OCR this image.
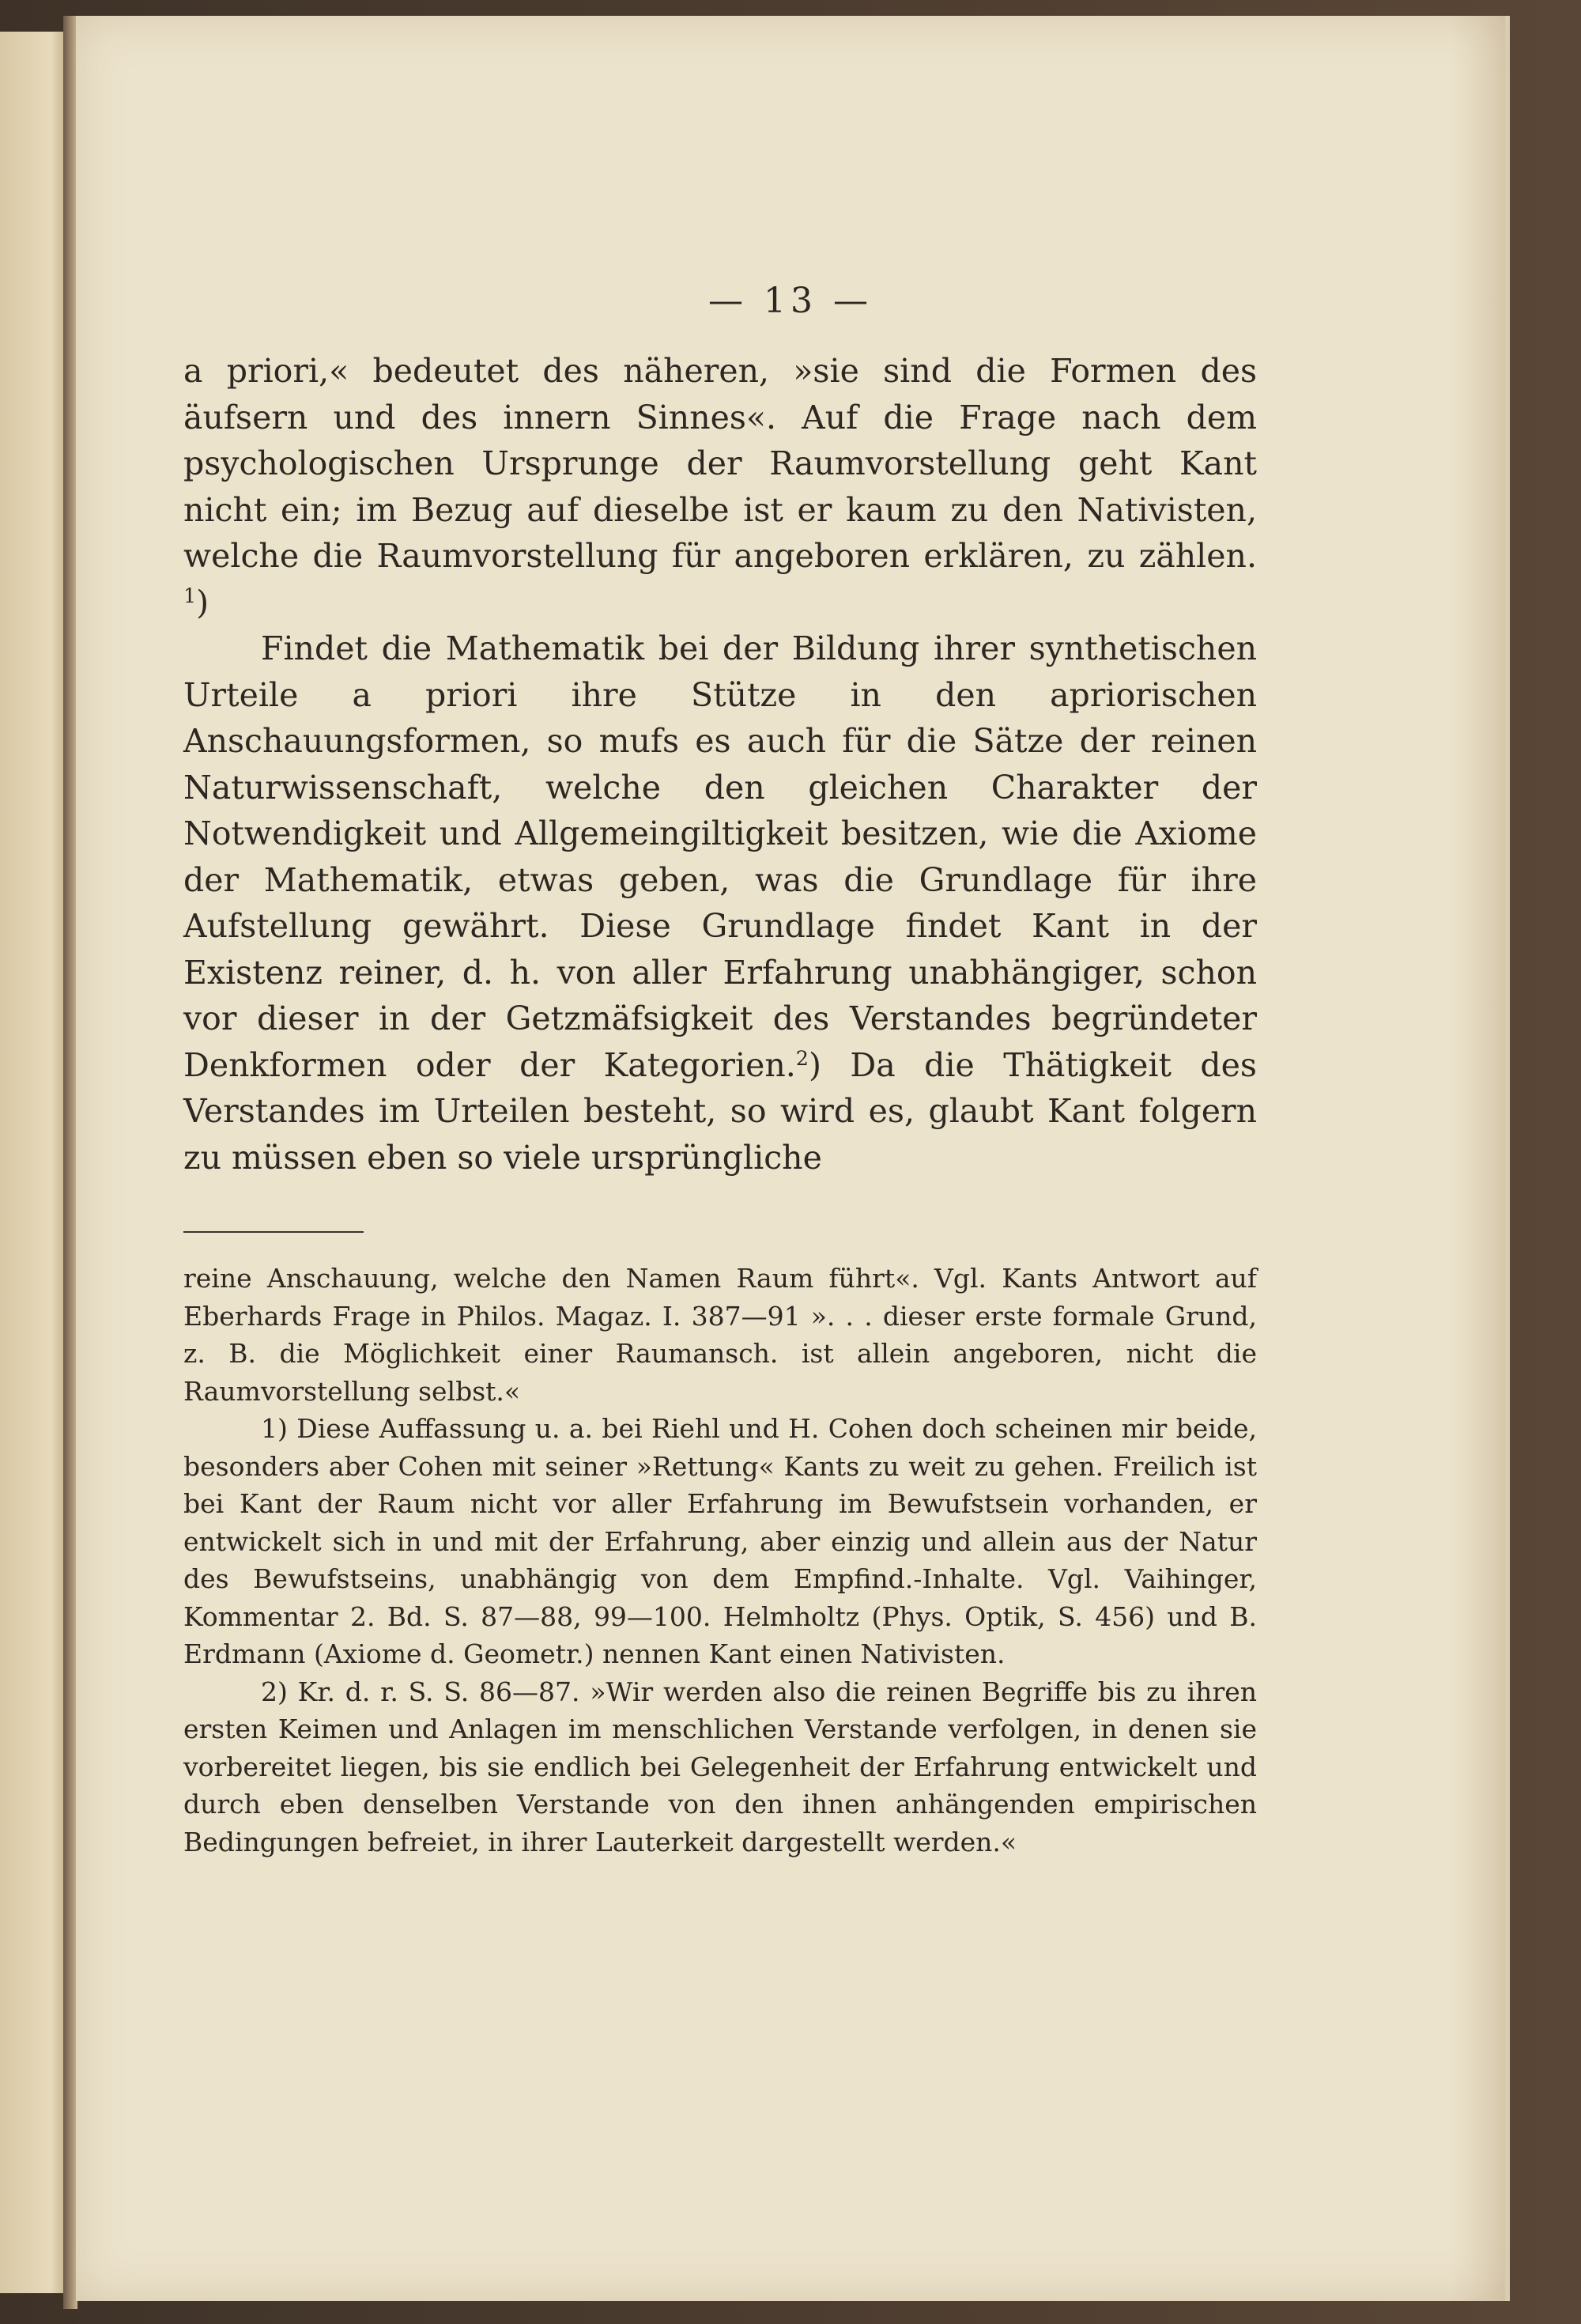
— 13 —

a priori,« bedeutet des näheren, »sie sind die Formen des äufsern und des innern Sinnes«. Auf die Frage nach dem psychologischen Ursprunge der Raumvorstellung geht Kant nicht ein; im Bezug auf dieselbe ist er kaum zu den Nativisten, welche die Raumvorstellung für angeboren erklären, zu zählen. $^1$)

Findet die Mathematik bei der Bildung ihrer synthetischen Urteile a priori ihre Stütze in den apriorischen Anschauungsformen, so mufs es auch für die Sätze der reinen Naturwissenschaft, welche den gleichen Charakter der Notwendigkeit und Allgemeingiltigkeit besitzen, wie die Axiome der Mathematik, etwas geben, was die Grundlage für ihre Aufstellung gewährt. Diese Grundlage findet Kant in der Existenz reiner, d. h. von aller Erfahrung unabhängiger, schon vor dieser in der Getzmäfsigkeit des Verstandes begründeter Denkformen oder der Kategorien.$^2$) Da die Thätigkeit des Verstandes im Urteilen besteht, so wird es, glaubt Kant folgern zu müssen eben so viele ursprüngliche

reine Anschauung, welche den Namen Raum führt«. Vgl. Kants Antwort auf Eberhards Frage in Philos. Magaz. I. 387—91 ». . . dieser erste formale Grund, z. B. die Möglichkeit einer Raumansch. ist allein angeboren, nicht die Raumvorstellung selbst.«

1) Diese Auffassung u. a. bei Riehl und H. Cohen doch scheinen mir beide, besonders aber Cohen mit seiner »Rettung« Kants zu weit zu gehen. Freilich ist bei Kant der Raum nicht vor aller Erfahrung im Bewufstsein vorhanden, er entwickelt sich in und mit der Erfahrung, aber einzig und allein aus der Natur des Bewufstseins, unabhängig von dem Empfind.-Inhalte. Vgl. Vaihinger, Kommentar 2. Bd. S. 87—88, 99—100. Helmholtz (Phys. Optik, S. 456) und B. Erdmann (Axiome d. Geometr.) nennen Kant einen Nativisten.

2) Kr. d. r. S. S. 86—87. »Wir werden also die reinen Begriffe bis zu ihren ersten Keimen und Anlagen im menschlichen Verstande verfolgen, in denen sie vorbereitet liegen, bis sie endlich bei Gelegenheit der Erfahrung entwickelt und durch eben denselben Verstande von den ihnen anhängenden empirischen Bedingungen befreiet, in ihrer Lauterkeit dargestellt werden.«
